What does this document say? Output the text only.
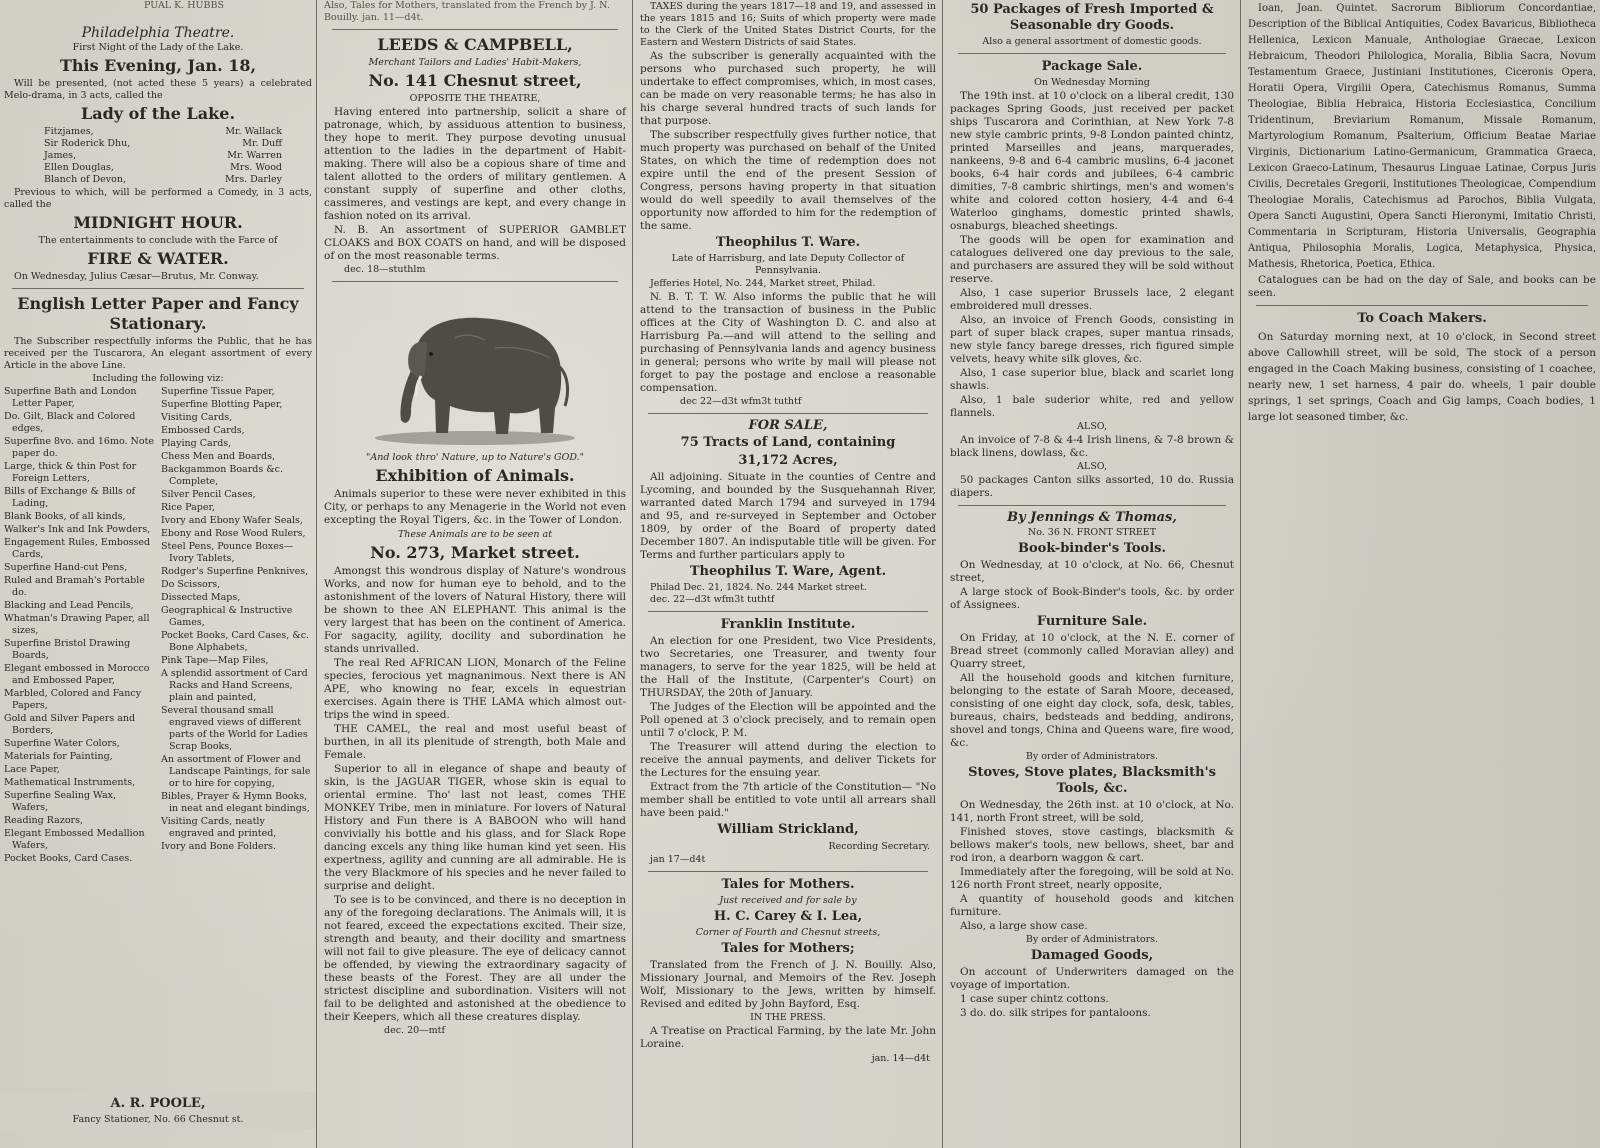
PUAL K. HUBBS
Philadelphia Theatre.
First Night of the Lady of the Lake.
This Evening, Jan. 18,
Will be presented, (not acted these 5 years) a celebrated Melo-drama, in 3 acts, called the
Lady of the Lake.
Fitzjames,	Mr. Wallack
Sir Roderick Dhu,	Mr. Duff
James,	Mr. Warren
Ellen Douglas,	Mrs. Wood
Blanch of Devon,	Mrs. Darley
Previous to which, will be performed a Comedy, in 3 acts, called the
MIDNIGHT HOUR.
The entertainments to conclude with the Farce of
FIRE & WATER.
On Wednesday, Julius Cæsar—Brutus, Mr. Conway.
English Letter Paper and Fancy Stationary.
The Subscriber respectfully informs the Public, that he has received per the Tuscarora, An elegant assortment of every Article in the above Line.
Including the following viz:

Superfine Bath and London Letter Paper,

Do. Gilt, Black and Colored edges,

Superfine 8vo. and 16mo. Note paper do.

Large, thick & thin Post for Foreign Letters,

Bills of Exchange & Bills of Lading,

Blank Books, of all kinds,

Walker's Ink and Ink Powders,

Engagement Rules, Embossed Cards,

Superfine Hand-cut Pens,

Ruled and Bramah's Portable do.

Blacking and Lead Pencils,

Whatman's Drawing Paper, all sizes,

Superfine Bristol Drawing Boards,

Elegant embossed in Morocco and Embossed Paper,

Marbled, Colored and Fancy Papers,

Gold and Silver Papers and Borders,

Superfine Water Colors,

Materials for Painting,

Lace Paper,

Mathematical Instruments,

Superfine Sealing Wax, Wafers,

Reading Razors,

Elegant Embossed Medallion Wafers,

Pocket Books, Card Cases.

Superfine Tissue Paper,

Superfine Blotting Paper,

Visiting Cards,

Embossed Cards,

Playing Cards,

Chess Men and Boards,

Backgammon Boards &c. Complete,

Silver Pencil Cases,

Rice Paper,

Ivory and Ebony Wafer Seals,

Ebony and Rose Wood Rulers,

Steel Pens, Pounce Boxes—Ivory Tablets,

Rodger's Superfine Penknives,

Do Scissors,

Dissected Maps,

Geographical & Instructive Games,

Pocket Books, Card Cases, &c. Bone Alphabets,

Pink Tape—Map Files,

A splendid assortment of Card Racks and Hand Screens, plain and painted,

Several thousand small engraved views of different parts of the World for Ladies Scrap Books,

An assortment of Flower and Landscape Paintings, for sale or to hire for copying,

Bibles, Prayer & Hymn Books, in neat and elegant bindings,

Visiting Cards, neatly engraved and printed,

Ivory and Bone Folders.

Also, Tales for Mothers, translated from the French by J. N. Bouilly. jan. 11—d4t.
LEEDS & CAMPBELL,
Merchant Tailors and Ladies' Habit-Makers,
No. 141 Chesnut street,
OPPOSITE THE THEATRE,
Having entered into partnership, solicit a share of patronage, which, by assiduous attention to business, they hope to merit. They purpose devoting unusual attention to the ladies in the department of Habit-making. There will also be a copious share of time and talent allotted to the orders of military gentlemen. A constant supply of superfine and other cloths, cassimeres, and vestings are kept, and every change in fashion noted on its arrival.
N. B. An assortment of SUPERIOR GAMBLET CLOAKS and BOX COATS on hand, and will be disposed of on the most reasonable terms.
dec. 18—stuthlm
"And look thro' Nature, up to Nature's GOD."
Exhibition of Animals.
Animals superior to these were never exhibited in this City, or perhaps to any Menagerie in the World not even excepting the Royal Tigers, &c. in the Tower of London.
These Animals are to be seen at
No. 273, Market street.
Amongst this wondrous display of Nature's wondrous Works, and now for human eye to behold, and to the astonishment of the lovers of Natural History, there will be shown to thee AN ELEPHANT. This animal is the very largest that has been on the continent of America. For sagacity, agility, docility and subordination he stands unrivalled.
The real Red AFRICAN LION, Monarch of the Feline species, ferocious yet magnanimous. Next there is AN APE, who knowing no fear, excels in equestrian exercises. Again there is THE LAMA which almost out-trips the wind in speed.
THE CAMEL, the real and most useful beast of burthen, in all its plenitude of strength, both Male and Female.
Superior to all in elegance of shape and beauty of skin, is the JAGUAR TIGER, whose skin is equal to oriental ermine. Tho' last not least, comes THE MONKEY Tribe, men in miniature. For lovers of Natural History and Fun there is A BABOON who will hand convivially his bottle and his glass, and for Slack Rope dancing excels any thing like human kind yet seen. His expertness, agility and cunning are all admirable. He is the very Blackmore of his species and he never failed to surprise and delight.
To see is to be convinced, and there is no deception in any of the foregoing declarations. The Animals will, it is not feared, exceed the expectations excited. Their size, strength and beauty, and their docility and smartness will not fail to give pleasure. The eye of delicacy cannot be offended, by viewing the extraordinary sagacity of these beasts of the Forest. They are all under the strictest discipline and subordination. Visiters will not fail to be delighted and astonished at the obedience to their Keepers, which all these creatures display.
dec. 20—mtf
TAXES during the years 1817—18 and 19, and assessed in the years 1815 and 16; Suits of which property were made to the Clerk of the United States District Courts, for the Eastern and Western Districts of said States.
As the subscriber is generally acquainted with the persons who purchased such property, he will undertake to effect compromises, which, in most cases, can be made on very reasonable terms; he has also in his charge several hundred tracts of such lands for that purpose.
The subscriber respectfully gives further notice, that much property was purchased on behalf of the United States, on which the time of redemption does not expire until the end of the present Session of Congress, persons having property in that situation would do well speedily to avail themselves of the opportunity now afforded to him for the redemption of the same.
Theophilus T. Ware.
Late of Harrisburg, and late Deputy Collector of Pennsylvania.
Jefferies Hotel, No. 244, Market street, Philad.
N. B. T. T. W. Also informs the public that he will attend to the transaction of business in the Public offices at the City of Washington D. C. and also at Harrisburg Pa.—and will attend to the selling and purchasing of Pennsylvania lands and agency business in general; persons who write by mail will please not forget to pay the postage and enclose a reasonable compensation.
dec 22—d3t wfm3t tuthtf
FOR SALE,
75 Tracts of Land, containing
31,172 Acres,
All adjoining. Situate in the counties of Centre and Lycoming, and bounded by the Susquehannah River, warranted dated March 1794 and surveyed in 1794 and 95, and re-surveyed in September and October 1809, by order of the Board of property dated December 1807. An indisputable title will be given. For Terms and further particulars apply to
Theophilus T. Ware, Agent.
Philad Dec. 21, 1824. No. 244 Market street.
dec. 22—d3t wfm3t tuthtf
Franklin Institute.
An election for one President, two Vice Presidents, two Secretaries, one Treasurer, and twenty four managers, to serve for the year 1825, will be held at the Hall of the Institute, (Carpenter's Court) on THURSDAY, the 20th of January.
The Judges of the Election will be appointed and the Poll opened at 3 o'clock precisely, and to remain open until 7 o'clock, P. M.
The Treasurer will attend during the election to receive the annual payments, and deliver Tickets for the Lectures for the ensuing year.
Extract from the 7th article of the Constitution— "No member shall be entitled to vote until all arrears shall have been paid."
William Strickland,
Recording Secretary.
jan 17—d4t
Tales for Mothers.
Just received and for sale by
H. C. Carey & I. Lea,
Corner of Fourth and Chesnut streets,
Tales for Mothers;
Translated from the French of J. N. Bouilly. Also, Missionary Journal, and Memoirs of the Rev. Joseph Wolf, Missionary to the Jews, written by himself. Revised and edited by John Bayford, Esq.
IN THE PRESS.
A Treatise on Practical Farming, by the late Mr. John Loraine.
jan. 14—d4t
50 Packages of Fresh Imported & Seasonable dry Goods.
Also a general assortment of domestic goods.
Package Sale.
On Wednesday Morning
The 19th inst. at 10 o'clock on a liberal credit, 130 packages Spring Goods, just received per packet ships Tuscarora and Corinthian, at New York 7-8 new style cambric prints, 9-8 London painted chintz, printed Marseilles and jeans, marquerades, nankeens, 9-8 and 6-4 cambric muslins, 6-4 jaconet books, 6-4 hair cords and jubilees, 6-4 cambric dimities, 7-8 cambric shirtings, men's and women's white and colored cotton hosiery, 4-4 and 6-4 Waterloo ginghams, domestic printed shawls, osnaburgs, bleached sheetings.
The goods will be open for examination and catalogues delivered one day previous to the sale, and purchasers are assured they will be sold without reserve.
Also, 1 case superior Brussels lace, 2 elegant embroidered mull dresses.
Also, an invoice of French Goods, consisting in part of super black crapes, super mantua rinsads, new style fancy barege dresses, rich figured simple velvets, heavy white silk gloves, &c.
Also, 1 case superior blue, black and scarlet long shawls.
Also, 1 bale suderior white, red and yellow flannels.
ALSO,
An invoice of 7-8 & 4-4 Irish linens, & 7-8 brown & black linens, dowlass, &c.
ALSO,
50 packages Canton silks assorted, 10 do. Russia diapers.
By Jennings & Thomas,
No. 36 N. FRONT STREET
Book-binder's Tools.
On Wednesday, at 10 o'clock, at No. 66, Chesnut street,
A large stock of Book-Binder's tools, &c. by order of Assignees.
Furniture Sale.
On Friday, at 10 o'clock, at the N. E. corner of Bread street (commonly called Moravian alley) and Quarry street,
All the household goods and kitchen furniture, belonging to the estate of Sarah Moore, deceased, consisting of one eight day clock, sofa, desk, tables, bureaus, chairs, bedsteads and bedding, andirons, shovel and tongs, China and Queens ware, fire wood, &c.
By order of Administrators.
Stoves, Stove plates, Blacksmith's Tools, &c.
On Wednesday, the 26th inst. at 10 o'clock, at No. 141, north Front street, will be sold,
Finished stoves, stove castings, blacksmith & bellows maker's tools, new bellows, sheet, bar and rod iron, a dearborn waggon & cart.
Immediately after the foregoing, will be sold at No. 126 north Front street, nearly opposite,
A quantity of household goods and kitchen furniture.
Also, a large show case.
By order of Administrators.
Damaged Goods,
On account of Underwriters damaged on the voyage of importation.
1 case super chintz cottons.
3 do. do. silk stripes for pantaloons.
Ioan, Joan. Quintet. Sacrorum Bibliorum Concordantiae, Description of the Biblical Antiquities, Codex Bavaricus, Bibliotheca Hellenica, Lexicon Manuale, Anthologiae Graecae, Lexicon Hebraicum, Theodori Philologica, Moralia, Biblia Sacra, Novum Testamentum Graece, Justiniani Institutiones, Ciceronis Opera, Horatii Opera, Virgilii Opera, Catechismus Romanus, Summa Theologiae, Biblia Hebraica, Historia Ecclesiastica, Concilium Tridentinum, Breviarium Romanum, Missale Romanum, Martyrologium Romanum, Psalterium, Officium Beatae Mariae Virginis, Dictionarium Latino-Germanicum, Grammatica Graeca, Lexicon Graeco-Latinum, Thesaurus Linguae Latinae, Corpus Juris Civilis, Decretales Gregorii, Institutiones Theologicae, Compendium Theologiae Moralis, Catechismus ad Parochos, Biblia Vulgata, Opera Sancti Augustini, Opera Sancti Hieronymi, Imitatio Christi, Commentaria in Scripturam, Historia Universalis, Geographia Antiqua, Philosophia Moralis, Logica, Metaphysica, Physica, Mathesis, Rhetorica, Poetica, Ethica.
Catalogues can be had on the day of Sale, and books can be seen.
To Coach Makers.
On Saturday morning next, at 10 o'clock, in Second street above Callowhill street, will be sold, The stock of a person engaged in the Coach Making business, consisting of 1 coachee, nearly new, 1 set harness, 4 pair do. wheels, 1 pair double springs, 1 set springs, Coach and Gig lamps, Coach bodies, 1 large lot seasoned timber, &c.
A. R. POOLE,
Fancy Stationer, No. 66 Chesnut st.
